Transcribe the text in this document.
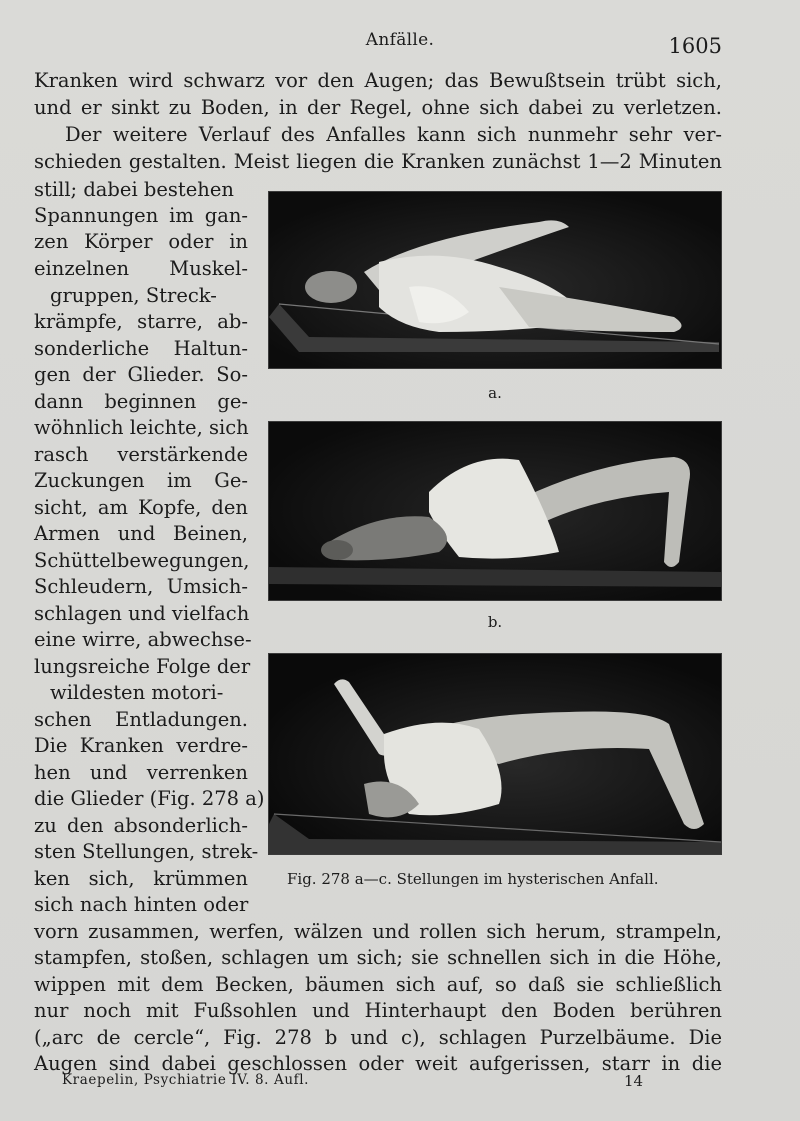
Anfälle.	1605
Kranken wird schwarz vor den Augen; das Bewußtsein trübt sich,
und er sinkt zu Boden, in der Regel, ohne sich dabei zu verletzen.
Der weitere Verlauf des Anfalles kann sich nunmehr sehr ver-
schieden gestalten. Meist liegen die Kranken zunächst 1—2 Minuten
still; dabei bestehen
Spannungen im gan-
zen Körper oder in
einzelnen Muskel-
gruppen, Streck-
krämpfe, starre, ab-
sonderliche Haltun-
gen der Glieder. So-
dann beginnen ge-
wöhnlich leichte, sich
rasch verstärkende
Zuckungen im Ge-
sicht, am Kopfe, den
Armen und Beinen,
Schüttelbewegungen,
Schleudern, Umsich-
schlagen und vielfach
eine wirre, abwechse-
lungsreiche Folge der
wildesten motori-
schen Entladungen.
Die Kranken verdre-
hen und verrenken
die Glieder (Fig. 278 a)
zu den absonderlich-
sten Stellungen, strek-
ken sich, krümmen
sich nach hinten oder
vorn zusammen, werfen, wälzen und rollen sich herum, strampeln,
stampfen, stoßen, schlagen um sich; sie schnellen sich in die Höhe,
wippen mit dem Becken, bäumen sich auf, so daß sie schließlich
nur noch mit Fußsohlen und Hinterhaupt den Boden berühren
(„arc de cercle“, Fig. 278 b und c), schlagen Purzelbäume. Die
Augen sind dabei geschlossen oder weit aufgerissen, starr in die
a.
b.
Fig. 278 a—c. Stellungen im hysterischen Anfall.
Kraepelin, Psychiatrie IV. 8. Aufl.	14
